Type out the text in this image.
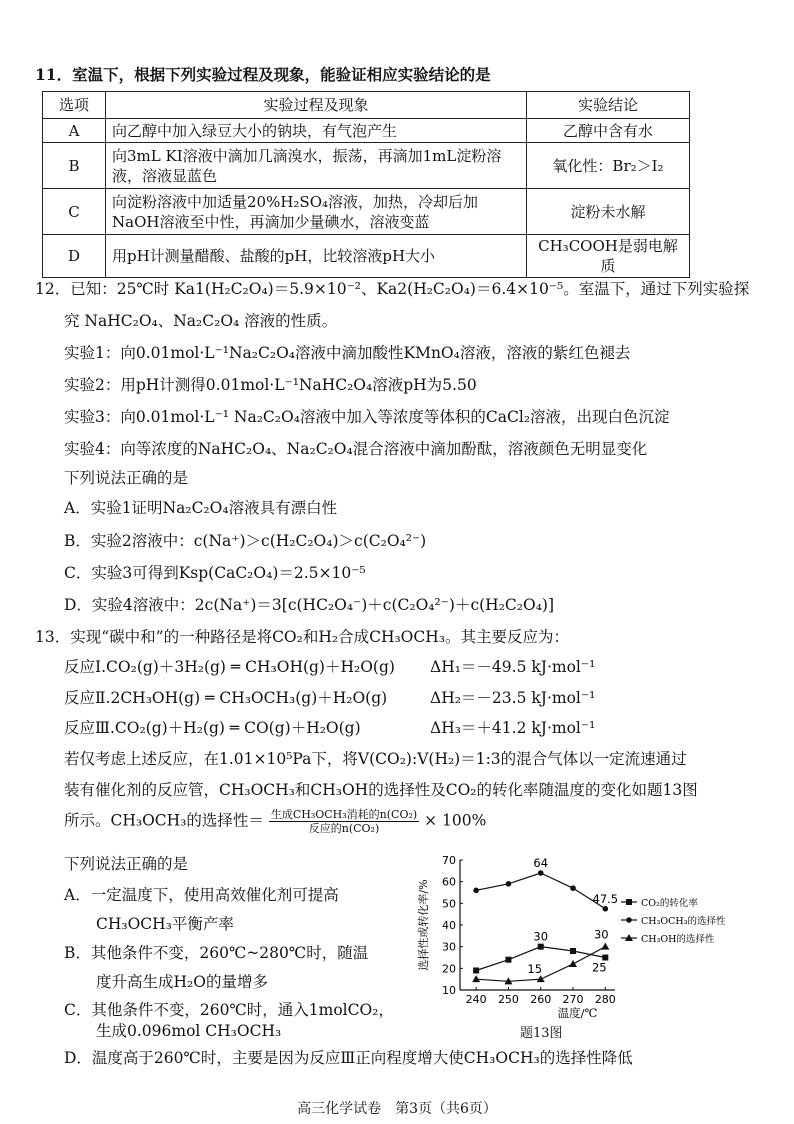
11．室温下，根据下列实验过程及现象，能验证相应实验结论的是
选项	实验过程及现象	实验结论
A	向乙醇中加入绿豆大小的钠块，有气泡产生	乙醇中含有水
B	向3mL KI溶液中滴加几滴溴水，振荡，再滴加1mL淀粉溶液，溶液显蓝色	氧化性：Br₂＞I₂
C	向淀粉溶液中加适量20%H₂SO₄溶液，加热，冷却后加NaOH溶液至中性，再滴加少量碘水，溶液变蓝	淀粉未水解
D	用pH计测量醋酸、盐酸的pH，比较溶液pH大小	CH₃COOH是弱电解质
12．已知：25℃时 Ka1(H₂C₂O₄)＝5.9×10⁻²、Ka2(H₂C₂O₄)＝6.4×10⁻⁵。室温下，通过下列实验探
究 NaHC₂O₄、Na₂C₂O₄ 溶液的性质。
实验1：向0.01mol·L⁻¹Na₂C₂O₄溶液中滴加酸性KMnO₄溶液，溶液的紫红色褪去
实验2：用pH计测得0.01mol·L⁻¹NaHC₂O₄溶液pH为5.50
实验3：向0.01mol·L⁻¹ Na₂C₂O₄溶液中加入等浓度等体积的CaCl₂溶液，出现白色沉淀
实验4：向等浓度的NaHC₂O₄、Na₂C₂O₄混合溶液中滴加酚酞，溶液颜色无明显变化
下列说法正确的是
A．实验1证明Na₂C₂O₄溶液具有漂白性
B．实验2溶液中：c(Na⁺)＞c(H₂C₂O₄)＞c(C₂O₄²⁻)
C．实验3可得到Ksp(CaC₂O₄)＝2.5×10⁻⁵
D．实验4溶液中：2c(Na⁺)＝3[c(HC₂O₄⁻)＋c(C₂O₄²⁻)＋c(H₂C₂O₄)]
13．实现“碳中和”的一种路径是将CO₂和H₂合成CH₃OCH₃。其主要反应为：
反应Ⅰ.CO₂(g)＋3H₂(g) ═ CH₃OH(g)＋H₂O(g) ΔH₁＝－49.5 kJ·mol⁻¹
反应Ⅱ.2CH₃OH(g) ═ CH₃OCH₃(g)＋H₂O(g)	ΔH₂＝－23.5 kJ·mol⁻¹
反应Ⅲ.CO₂(g)＋H₂(g) ═ CO(g)＋H₂O(g)	ΔH₃＝＋41.2 kJ·mol⁻¹
若仅考虑上述反应，在1.01×10⁵Pa下，将V(CO₂):V(H₂)＝1:3的混合气体以一定流速通过
装有催化剂的反应管，CH₃OCH₃和CH₃OH的选择性及CO₂的转化率随温度的变化如题13图
所示。CH₃OCH₃的选择性＝ $\frac{\text{生成CH₃OCH₃消耗的n(CO₂)}}{\text{反应的n(CO₂)}} \times 100\%$
下列说法正确的是
A．一定温度下，使用高效催化剂可提高
CH₃OCH₃平衡产率
B．其他条件不变，260℃~280℃时，随温
度升高生成H₂O的量增多
C．其他条件不变，260℃时，通入1molCO₂，
生成0.096mol CH₃OCH₃
D．温度高于260℃时，主要是因为反应Ⅲ正向程度增大使CH₃OCH₃的选择性降低
10
20
30
40
50
60
70
240 250 260 270 280
温度/℃
选择性或转化率/%
64
47.5
30	30
15	25
CO₂的转化率
CH₃OCH₃的选择性
CH₃OH的选择性
题13图
高三化学试卷　第3页（共6页）
